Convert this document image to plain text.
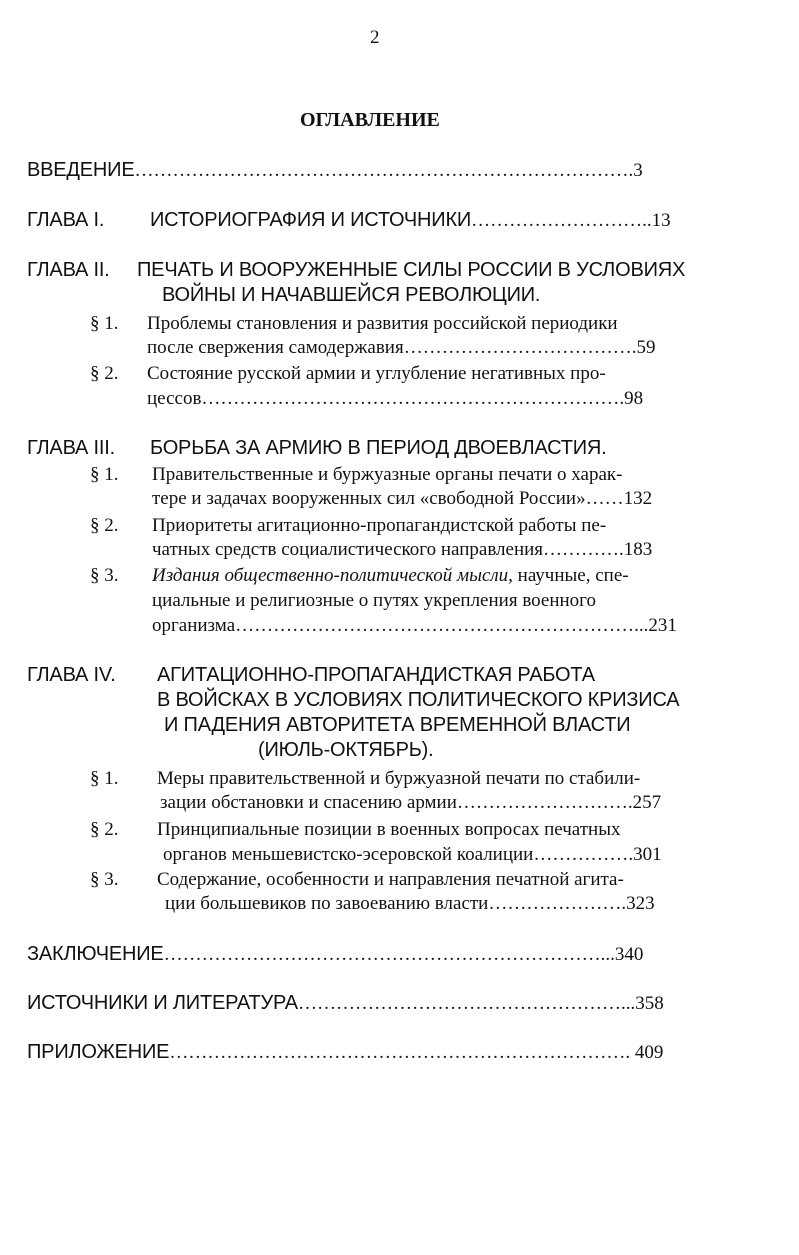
2
ОГЛАВЛЕНИЕ
ВВЕДЕНИЕ…………………………………………………………………….3
ГЛАВА I. ИСТОРИОГРАФИЯ И ИСТОЧНИКИ………………………..13
ГЛАВА II. ПЕЧАТЬ И ВООРУЖЕННЫЕ СИЛЫ РОССИИ В УСЛОВИЯХ
ВОЙНЫ И НАЧАВШЕЙСЯ РЕВОЛЮЦИИ.
§ 1. Проблемы становления и развития российской периодики
после свержения самодержавия……………………………….59
§ 2. Состояние русской армии и углубление негативных про-
цессов………………………………………………………….98
ГЛАВА III. БОРЬБА ЗА АРМИЮ В ПЕРИОД ДВОЕВЛАСТИЯ.
§ 1. Правительственные и буржуазные органы печати о харак-
тере и задачах вооруженных сил «свободной России»……132
§ 2. Приоритеты агитационно-пропагандистской работы пе-
чатных средств социалистического направления………….183
§ 3. Издания общественно-политической мысли, научные, спе-
циальные и религиозные о путях укрепления военного
организма………………………………………………………...231
ГЛАВА IV. АГИТАЦИОННО-ПРОПАГАНДИСТКАЯ РАБОТА
В ВОЙСКАХ В УСЛОВИЯХ ПОЛИТИЧЕСКОГО КРИЗИСА
И ПАДЕНИЯ АВТОРИТЕТА ВРЕМЕННОЙ ВЛАСТИ
(ИЮЛЬ-ОКТЯБРЬ).
§ 1. Меры правительственной и буржуазной печати по стабили-
зации обстановки и спасению армии……………………….257
§ 2. Принципиальные позиции в военных вопросах печатных
органов меньшевистско-эсеровской коалиции…………….301
§ 3. Содержание, особенности и направления печатной агита-
ции большевиков по завоеванию власти………………….323
ЗАКЛЮЧЕНИЕ……………………………………………………………...340
ИСТОЧНИКИ И ЛИТЕРАТУРА……………………………………………...358
ПРИЛОЖЕНИЕ………………………………………………………………. 409
